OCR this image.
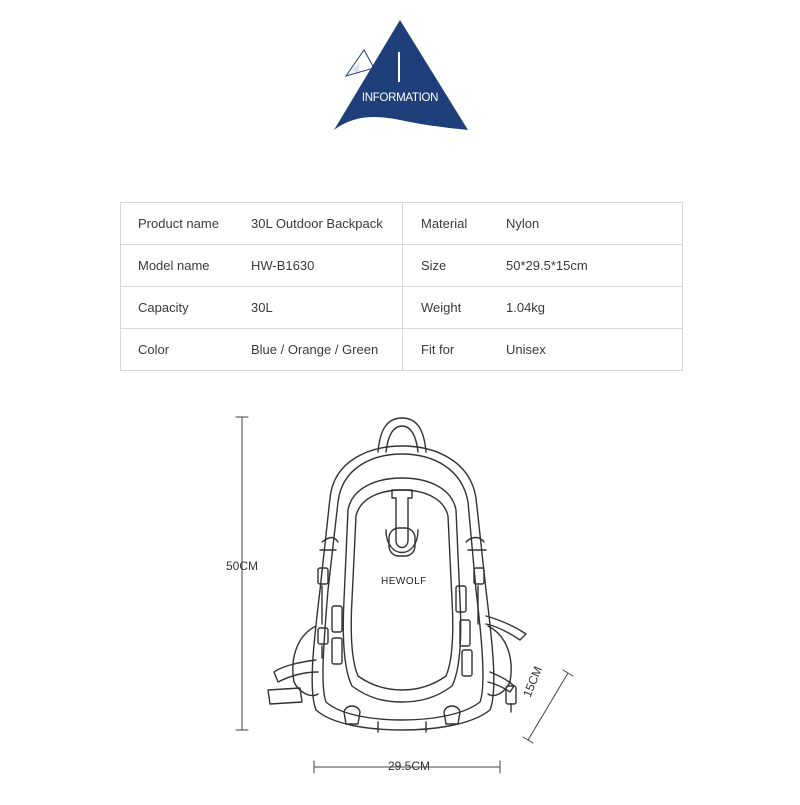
INFORMATION
Product name 30L Outdoor Backpack	Material	Nylon
Model name	HW-B1630	Size	50*29.5*15cm
Capacity	30L	Weight	1.04kg
Color	Blue / Orange / Green	Fit for	Unisex
HEWOLF
50CM
29.5CM
15CM
